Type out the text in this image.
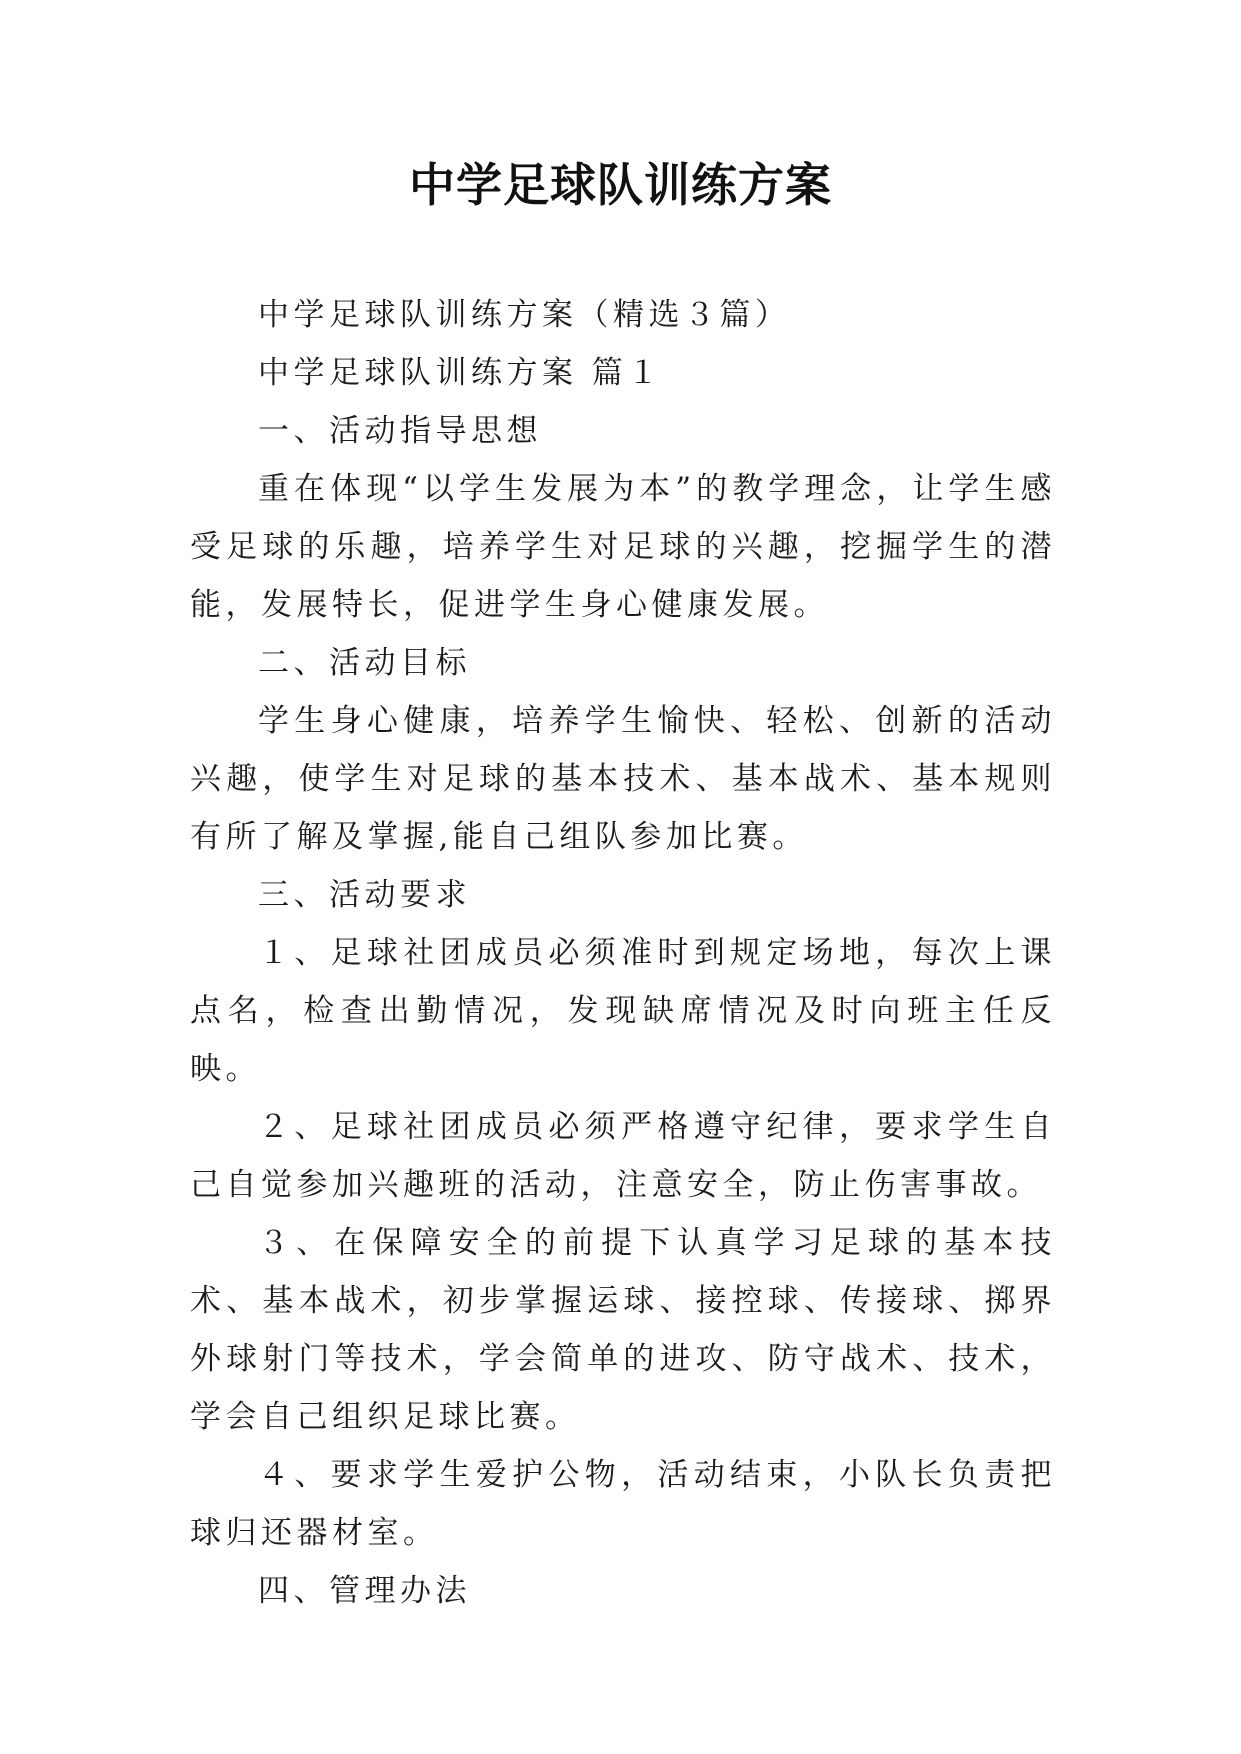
中学足球队训练方案

中学足球队训练方案（精选３篇）

中学足球队训练方案 篇１

一、活动指导思想

重在体现“以学生发展为本”的教学理念，让学生感受足球的乐趣，培养学生对足球的兴趣，挖掘学生的潜能，发展特长，促进学生身心健康发展。

二、活动目标

学生身心健康，培养学生愉快、轻松、创新的活动兴趣，使学生对足球的基本技术、基本战术、基本规则有所了解及掌握,能自己组队参加比赛。

三、活动要求

１、足球社团成员必须准时到规定场地，每次上课点名，检查出勤情况，发现缺席情况及时向班主任反映。

２、足球社团成员必须严格遵守纪律，要求学生自己自觉参加兴趣班的活动，注意安全，防止伤害事故。

３、在保障安全的前提下认真学习足球的基本技术、基本战术，初步掌握运球、接控球、传接球、掷界外球射门等技术，学会简单的进攻、防守战术、技术，学会自己组织足球比赛。

４、要求学生爱护公物，活动结束，小队长负责把球归还器材室。

四、管理办法
